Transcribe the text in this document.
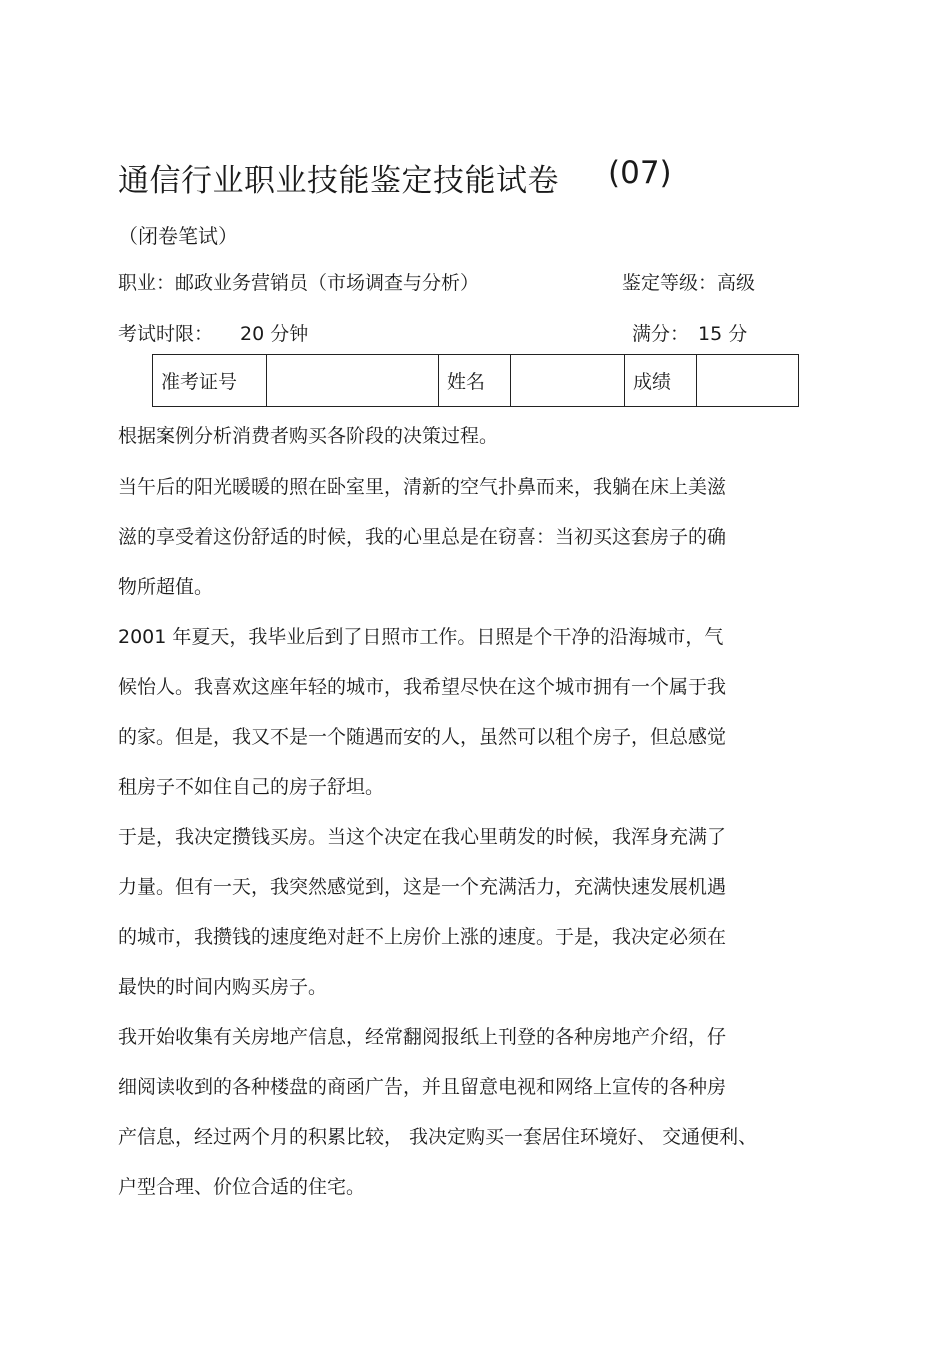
通信行业职业技能鉴定技能试卷 (07)
（闭卷笔试）
职业：邮政业务营销员（市场调查与分析）	鉴定等级：高级
考试时限： 20 分钟	满分： 15 分
准考证号		姓名		成绩	
根据案例分析消费者购买各阶段的决策过程。
当午后的阳光暖暖的照在卧室里，清新的空气扑鼻而来，我躺在床上美滋
滋的享受着这份舒适的时候，我的心里总是在窃喜：当初买这套房子的确
物所超值。
2001 年夏天，我毕业后到了日照市工作。日照是个干净的沿海城市，气
候怡人。我喜欢这座年轻的城市，我希望尽快在这个城市拥有一个属于我
的家。但是，我又不是一个随遇而安的人，虽然可以租个房子，但总感觉
租房子不如住自己的房子舒坦。
于是，我决定攒钱买房。当这个决定在我心里萌发的时候，我浑身充满了
力量。但有一天，我突然感觉到，这是一个充满活力，充满快速发展机遇
的城市，我攒钱的速度绝对赶不上房价上涨的速度。于是，我决定必须在
最快的时间内购买房子。
我开始收集有关房地产信息，经常翻阅报纸上刊登的各种房地产介绍，仔
细阅读收到的各种楼盘的商函广告，并且留意电视和网络上宣传的各种房
产信息，经过两个月的积累比较， 我决定购买一套居住环境好、 交通便利、
户型合理、价位合适的住宅。
